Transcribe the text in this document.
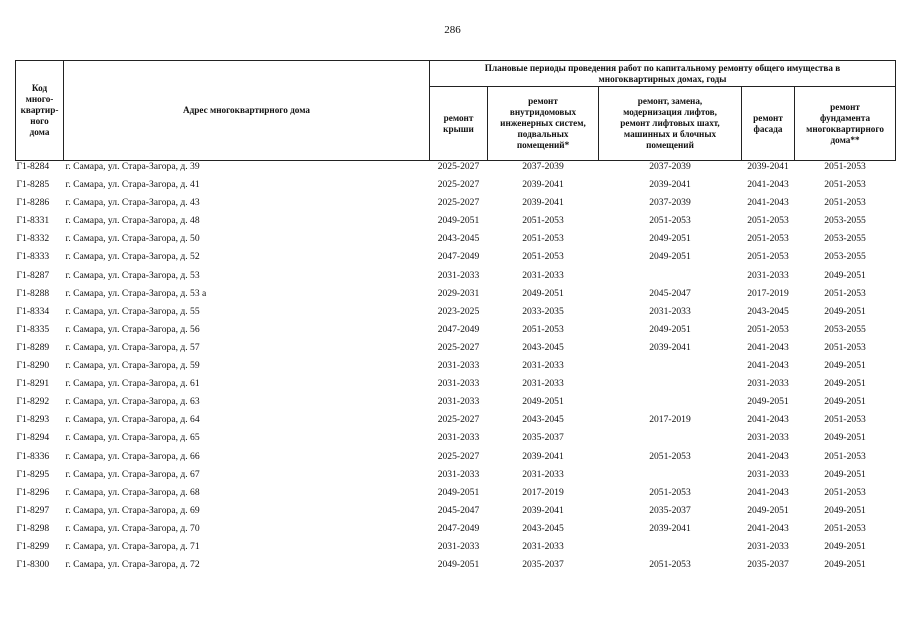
286
Код
много-
квартир-
ного
дома	Адрес многоквартирного дома	Плановые периоды проведения работ по капитальному ремонту общего имущества в
многоквартирных домах, годы				
		ремонт
крыши	ремонт
внутридомовых
инженерных систем,
подвальных
помещений*	ремонт, замена,
модернизация лифтов,
ремонт лифтовых шахт,
машинных и блочных
помещений	ремонт
фасада	ремонт
фундамента
многоквартирного
дома**
Г1-8284	г. Самара, ул. Стара-Загора, д. 39	2025-2027	2037-2039	2037-2039	2039-2041	2051-2053
Г1-8285	г. Самара, ул. Стара-Загора, д. 41	2025-2027	2039-2041	2039-2041	2041-2043	2051-2053
Г1-8286	г. Самара, ул. Стара-Загора, д. 43	2025-2027	2039-2041	2037-2039	2041-2043	2051-2053
Г1-8331	г. Самара, ул. Стара-Загора, д. 48	2049-2051	2051-2053	2051-2053	2051-2053	2053-2055
Г1-8332	г. Самара, ул. Стара-Загора, д. 50	2043-2045	2051-2053	2049-2051	2051-2053	2053-2055
Г1-8333	г. Самара, ул. Стара-Загора, д. 52	2047-2049	2051-2053	2049-2051	2051-2053	2053-2055
Г1-8287	г. Самара, ул. Стара-Загора, д. 53	2031-2033	2031-2033		2031-2033	2049-2051
Г1-8288	г. Самара, ул. Стара-Загора, д. 53 а	2029-2031	2049-2051	2045-2047	2017-2019	2051-2053
Г1-8334	г. Самара, ул. Стара-Загора, д. 55	2023-2025	2033-2035	2031-2033	2043-2045	2049-2051
Г1-8335	г. Самара, ул. Стара-Загора, д. 56	2047-2049	2051-2053	2049-2051	2051-2053	2053-2055
Г1-8289	г. Самара, ул. Стара-Загора, д. 57	2025-2027	2043-2045	2039-2041	2041-2043	2051-2053
Г1-8290	г. Самара, ул. Стара-Загора, д. 59	2031-2033	2031-2033		2041-2043	2049-2051
Г1-8291	г. Самара, ул. Стара-Загора, д. 61	2031-2033	2031-2033		2031-2033	2049-2051
Г1-8292	г. Самара, ул. Стара-Загора, д. 63	2031-2033	2049-2051		2049-2051	2049-2051
Г1-8293	г. Самара, ул. Стара-Загора, д. 64	2025-2027	2043-2045	2017-2019	2041-2043	2051-2053
Г1-8294	г. Самара, ул. Стара-Загора, д. 65	2031-2033	2035-2037		2031-2033	2049-2051
Г1-8336	г. Самара, ул. Стара-Загора, д. 66	2025-2027	2039-2041	2051-2053	2041-2043	2051-2053
Г1-8295	г. Самара, ул. Стара-Загора, д. 67	2031-2033	2031-2033		2031-2033	2049-2051
Г1-8296	г. Самара, ул. Стара-Загора, д. 68	2049-2051	2017-2019	2051-2053	2041-2043	2051-2053
Г1-8297	г. Самара, ул. Стара-Загора, д. 69	2045-2047	2039-2041	2035-2037	2049-2051	2049-2051
Г1-8298	г. Самара, ул. Стара-Загора, д. 70	2047-2049	2043-2045	2039-2041	2041-2043	2051-2053
Г1-8299	г. Самара, ул. Стара-Загора, д. 71	2031-2033	2031-2033		2031-2033	2049-2051
Г1-8300	г. Самара, ул. Стара-Загора, д. 72	2049-2051	2035-2037	2051-2053	2035-2037	2049-2051
